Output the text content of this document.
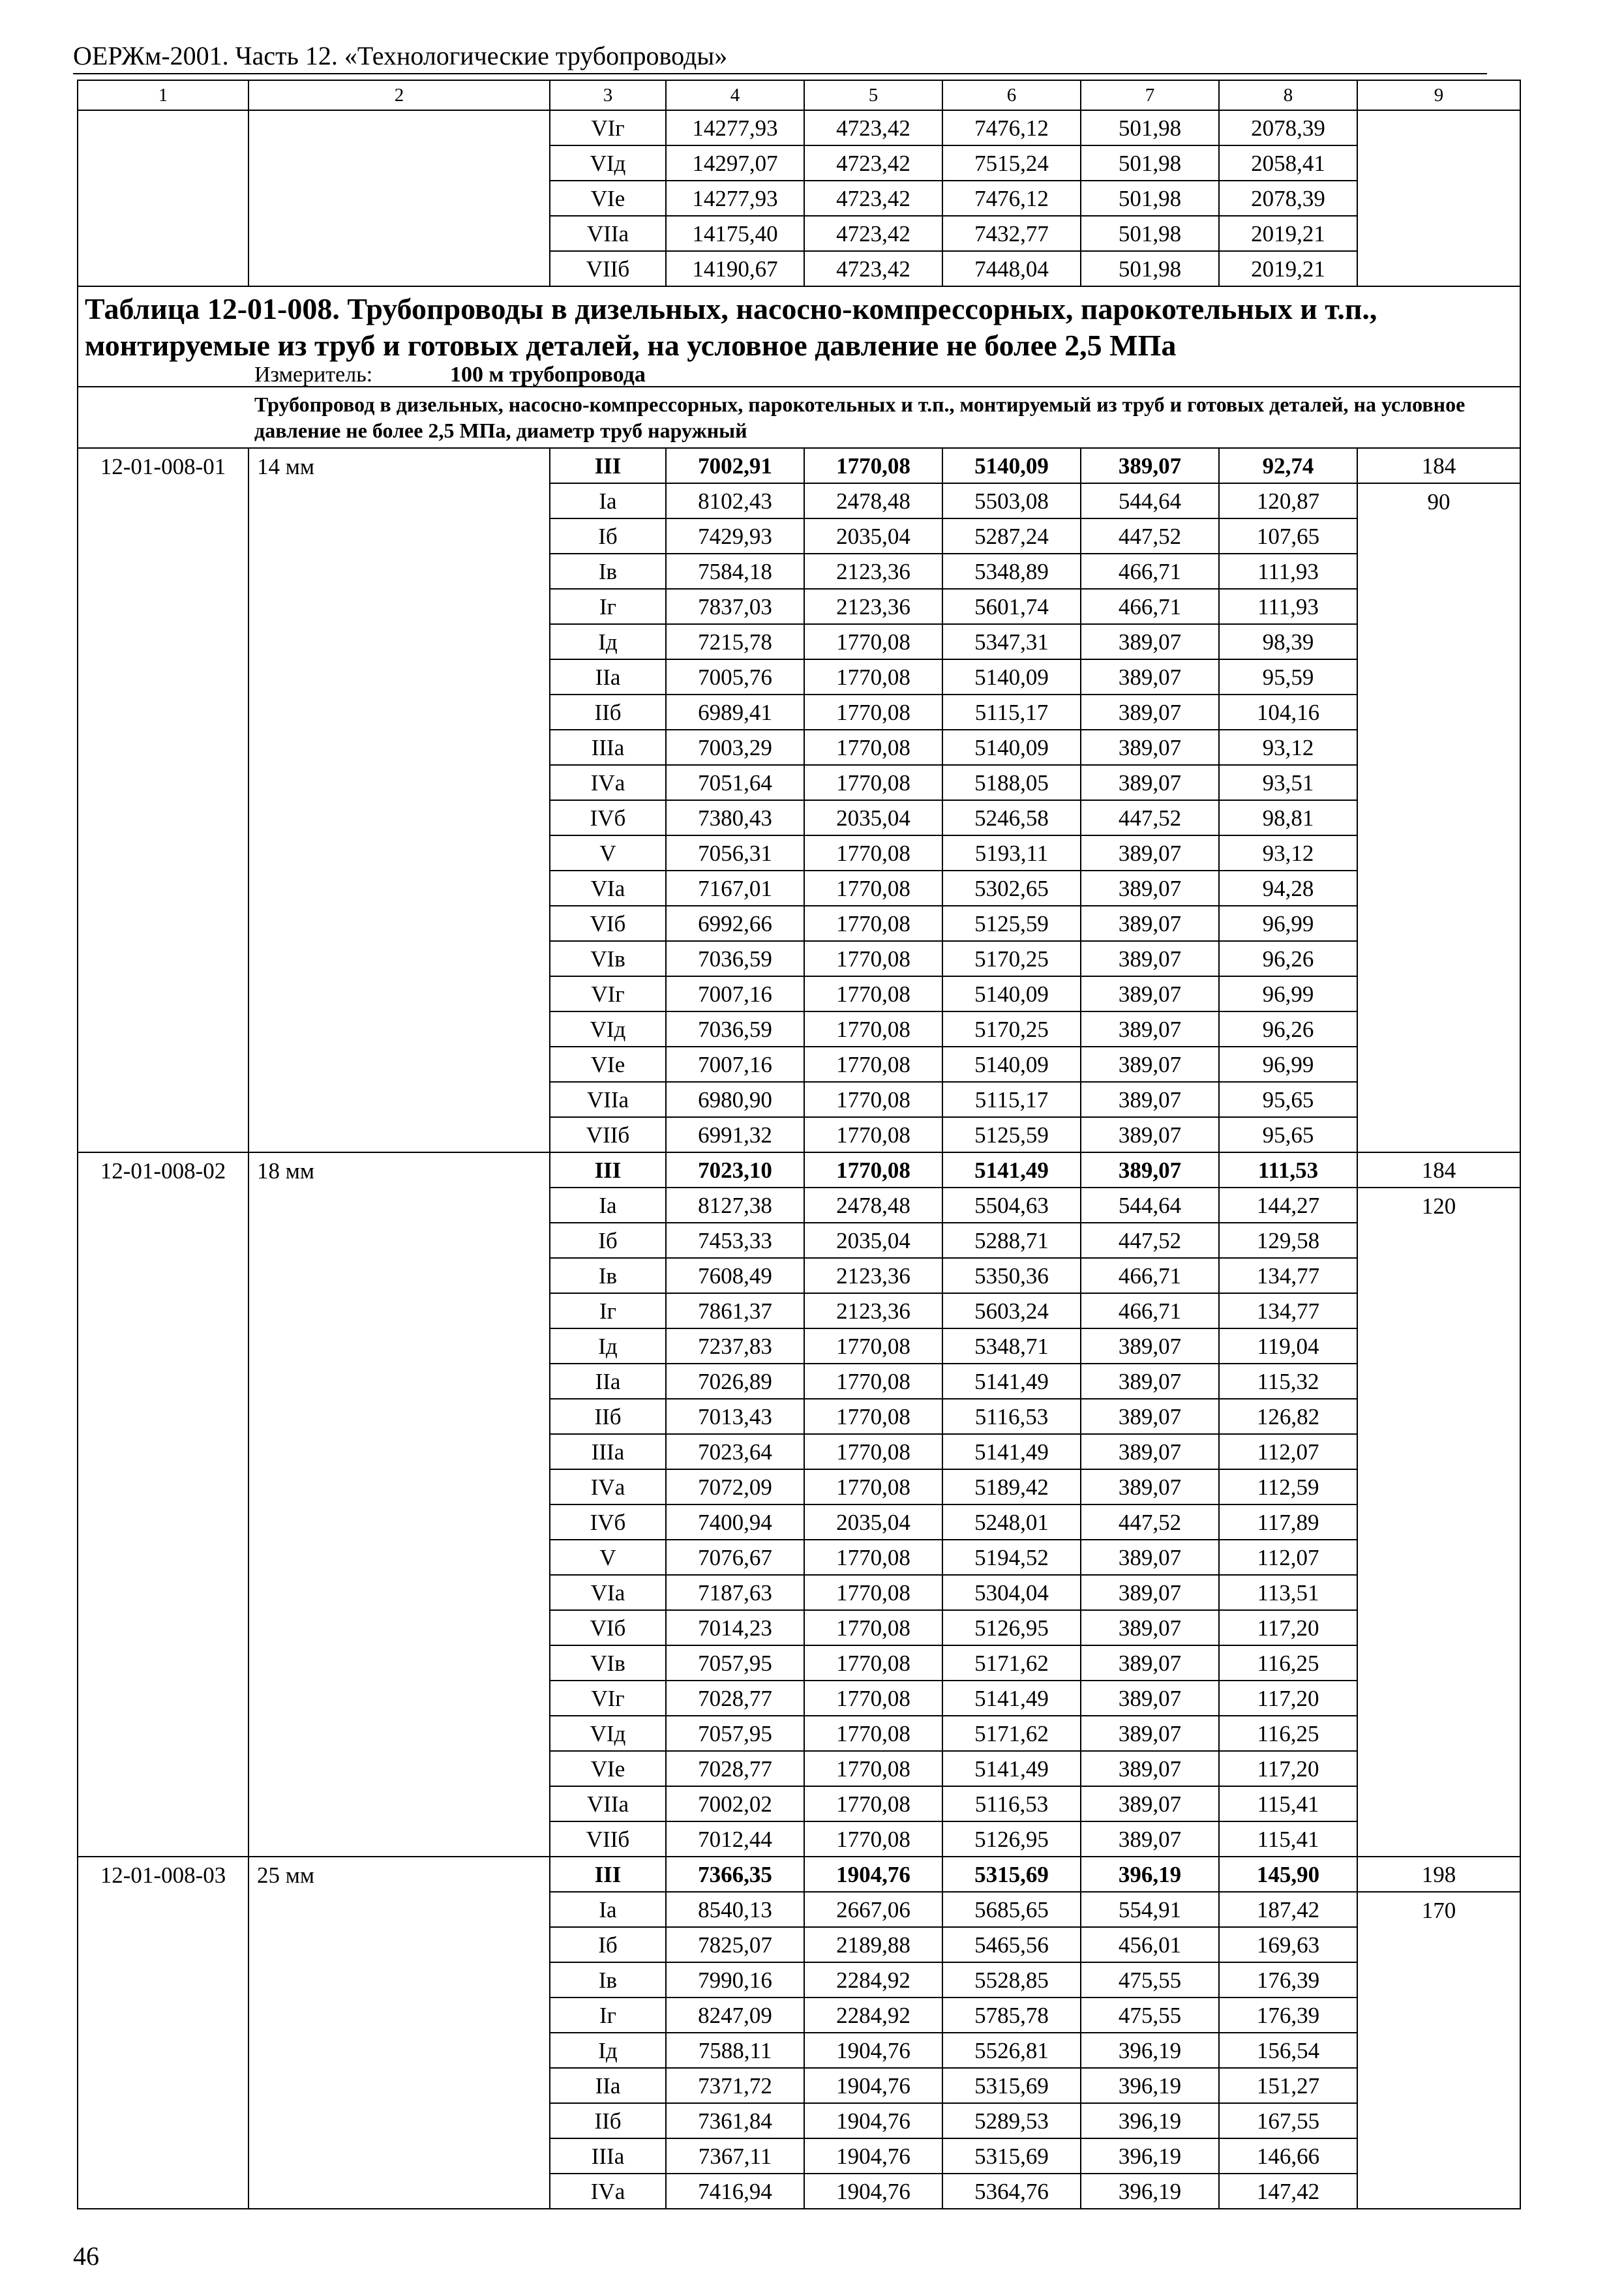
ОЕРЖм-2001. Часть 12. «Технологические трубопроводы»
1	2	3	4	5	6	7	8	9
		VIг	14277,93	4723,42	7476,12	501,98	2078,39	
		VIд	14297,07	4723,42	7515,24	501,98	2058,41	
		VIе	14277,93	4723,42	7476,12	501,98	2078,39	
		VIIа	14175,40	4723,42	7432,77	501,98	2019,21	
		VIIб	14190,67	4723,42	7448,04	501,98	2019,21	

Таблица 12-01-008. Трубопроводы в дизельных, насосно-компрессорных, парокотельных и т.п., монтируемые из труб и готовых деталей, на условное давление не более 2,5 МПа								

Измеритель: 100 м трубопровода								

Трубопровод в дизельных, насосно-компрессорных, парокотельных и т.п., монтируемый из труб и готовых деталей, на условное давление не более 2,5 МПа, диаметр труб наружный								

12-01-008-01	14 мм	III	7002,91	1770,08	5140,09	389,07	92,74	184
		Iа	8102,43	2478,48	5503,08	544,64	120,87	90
		Iб	7429,93	2035,04	5287,24	447,52	107,65	
		Iв	7584,18	2123,36	5348,89	466,71	111,93	
		Iг	7837,03	2123,36	5601,74	466,71	111,93	
		Iд	7215,78	1770,08	5347,31	389,07	98,39	
		IIа	7005,76	1770,08	5140,09	389,07	95,59	
		IIб	6989,41	1770,08	5115,17	389,07	104,16	
		IIIа	7003,29	1770,08	5140,09	389,07	93,12	
		IVа	7051,64	1770,08	5188,05	389,07	93,51	
		IVб	7380,43	2035,04	5246,58	447,52	98,81	
		V	7056,31	1770,08	5193,11	389,07	93,12	
		VIа	7167,01	1770,08	5302,65	389,07	94,28	
		VIб	6992,66	1770,08	5125,59	389,07	96,99	
		VIв	7036,59	1770,08	5170,25	389,07	96,26	
		VIг	7007,16	1770,08	5140,09	389,07	96,99	
		VIд	7036,59	1770,08	5170,25	389,07	96,26	
		VIе	7007,16	1770,08	5140,09	389,07	96,99	
		VIIа	6980,90	1770,08	5115,17	389,07	95,65	
		VIIб	6991,32	1770,08	5125,59	389,07	95,65	
12-01-008-02	18 мм	III	7023,10	1770,08	5141,49	389,07	111,53	184
		Iа	8127,38	2478,48	5504,63	544,64	144,27	120
		Iб	7453,33	2035,04	5288,71	447,52	129,58	
		Iв	7608,49	2123,36	5350,36	466,71	134,77	
		Iг	7861,37	2123,36	5603,24	466,71	134,77	
		Iд	7237,83	1770,08	5348,71	389,07	119,04	
		IIа	7026,89	1770,08	5141,49	389,07	115,32	
		IIб	7013,43	1770,08	5116,53	389,07	126,82	
		IIIа	7023,64	1770,08	5141,49	389,07	112,07	
		IVа	7072,09	1770,08	5189,42	389,07	112,59	
		IVб	7400,94	2035,04	5248,01	447,52	117,89	
		V	7076,67	1770,08	5194,52	389,07	112,07	
		VIа	7187,63	1770,08	5304,04	389,07	113,51	
		VIб	7014,23	1770,08	5126,95	389,07	117,20	
		VIв	7057,95	1770,08	5171,62	389,07	116,25	
		VIг	7028,77	1770,08	5141,49	389,07	117,20	
		VIд	7057,95	1770,08	5171,62	389,07	116,25	
		VIе	7028,77	1770,08	5141,49	389,07	117,20	
		VIIа	7002,02	1770,08	5116,53	389,07	115,41	
		VIIб	7012,44	1770,08	5126,95	389,07	115,41	
12-01-008-03	25 мм	III	7366,35	1904,76	5315,69	396,19	145,90	198
		Iа	8540,13	2667,06	5685,65	554,91	187,42	170
		Iб	7825,07	2189,88	5465,56	456,01	169,63	
		Iв	7990,16	2284,92	5528,85	475,55	176,39	
		Iг	8247,09	2284,92	5785,78	475,55	176,39	
		Iд	7588,11	1904,76	5526,81	396,19	156,54	
		IIа	7371,72	1904,76	5315,69	396,19	151,27	
		IIб	7361,84	1904,76	5289,53	396,19	167,55	
		IIIа	7367,11	1904,76	5315,69	396,19	146,66	
		IVа	7416,94	1904,76	5364,76	396,19	147,42	
46
